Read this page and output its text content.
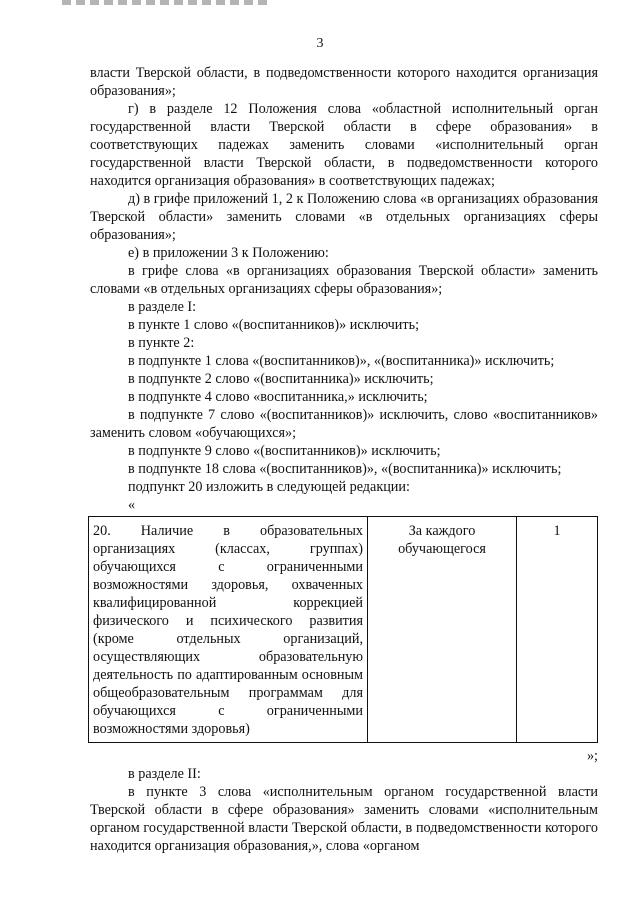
3

власти Тверской области, в подведомственности которого находится организация образования»;

г) в разделе 12 Положения слова «областной исполнительный орган государственной власти Тверской области в сфере образования» в соответствующих падежах заменить словами «исполнительный орган государственной власти Тверской области, в подведомственности которого находится организация образования» в соответствующих падежах;

д) в грифе приложений 1, 2 к Положению слова «в организациях образования Тверской области» заменить словами «в отдельных организациях сферы образования»;

е) в приложении 3 к Положению:

в грифе слова «в организациях образования Тверской области» заменить словами «в отдельных организациях сферы образования»;

в разделе I:

в пункте 1 слово «(воспитанников)» исключить;

в пункте 2:

в подпункте 1 слова «(воспитанников)», «(воспитанника)» исключить;

в подпункте 2 слово «(воспитанника)» исключить;

в подпункте 4 слово «воспитанника,» исключить;

в подпункте 7 слово «(воспитанников)» исключить, слово «воспитанников» заменить словом «обучающихся»;

в подпункте 9 слово «(воспитанников)» исключить;

в подпункте 18 слова «(воспитанников)», «(воспитанника)» исключить;

подпункт 20 изложить в следующей редакции:

«

20. Наличие в образовательных организациях (классах, группах) обучающихся с ограниченными возможностями здоровья, охваченных квалифицированной коррекцией физического и психического развития (кроме отдельных организаций, осуществляющих образовательную деятельность по адаптированным основным общеобразовательным программам для обучающихся с ограниченными возможностями здоровья)	За каждого обучающегося	1

»;

в разделе II:

в пункте 3 слова «исполнительным органом государственной власти Тверской области в сфере образования» заменить словами «исполнительным органом государственной власти Тверской области, в подведомственности которого находится организация образования,», слова «органом
